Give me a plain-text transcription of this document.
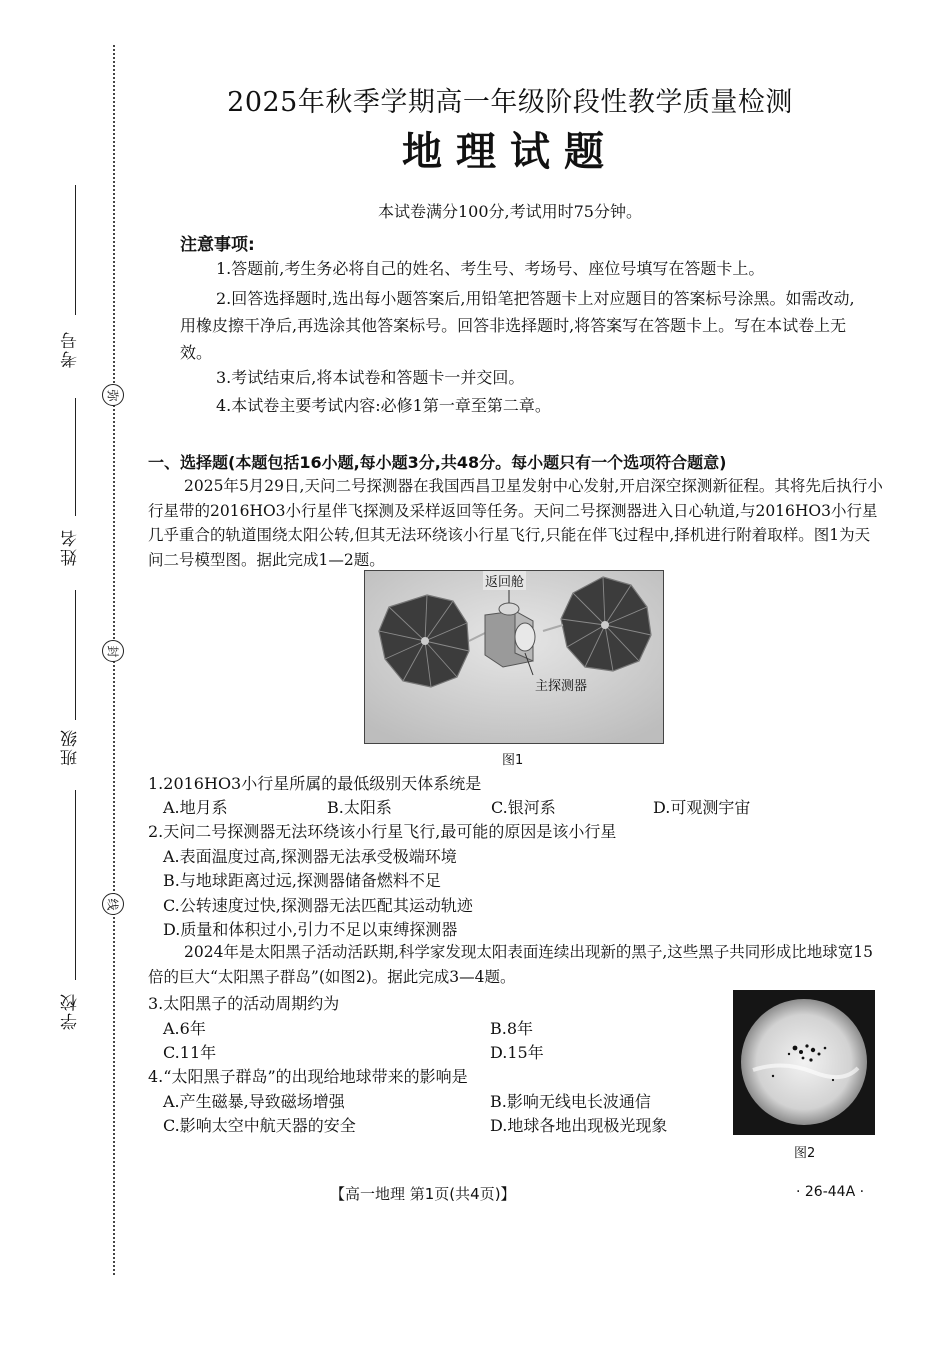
考号
弥
姓名
封
班级
线
学校
2025年秋季学期高一年级阶段性教学质量检测
地理试题
本试卷满分100分,考试用时75分钟。
注意事项:
1.答题前,考生务必将自己的姓名、考生号、考场号、座位号填写在答题卡上。
2.回答选择题时,选出每小题答案后,用铅笔把答题卡上对应题目的答案标号涂黑。如需改动,用橡皮擦干净后,再选涂其他答案标号。回答非选择题时,将答案写在答题卡上。写在本试卷上无效。
3.考试结束后,将本试卷和答题卡一并交回。
4.本试卷主要考试内容:必修1第一章至第二章。
一、选择题(本题包括16小题,每小题3分,共48分。每小题只有一个选项符合题意)
2025年5月29日,天问二号探测器在我国西昌卫星发射中心发射,开启深空探测新征程。其将先后执行小行星带的2016HO3小行星伴飞探测及采样返回等任务。天问二号探测器进入日心轨道,与2016HO3小行星几乎重合的轨道围绕太阳公转,但其无法环绕该小行星飞行,只能在伴飞过程中,择机进行附着取样。图1为天问二号模型图。据此完成1—2题。
返回舱
主探测器
图1
1.2016HO3小行星所属的最低级别天体系统是
A.地月系	B.太阳系	C.银河系	D.可观测宇宙
2.天问二号探测器无法环绕该小行星飞行,最可能的原因是该小行星
A.表面温度过高,探测器无法承受极端环境
B.与地球距离过远,探测器储备燃料不足
C.公转速度过快,探测器无法匹配其运动轨迹
D.质量和体积过小,引力不足以束缚探测器
2024年是太阳黑子活动活跃期,科学家发现太阳表面连续出现新的黑子,这些黑子共同形成比地球宽15倍的巨大“太阳黑子群岛”(如图2)。据此完成3—4题。
3.太阳黑子的活动周期约为
A.6年	B.8年
C.11年	D.15年
4.“太阳黑子群岛”的出现给地球带来的影响是
A.产生磁暴,导致磁场增强	B.影响无线电长波通信
C.影响太空中航天器的安全	D.地球各地出现极光现象
图2
【高一地理 第1页(共4页)】	· 26-44A ·
